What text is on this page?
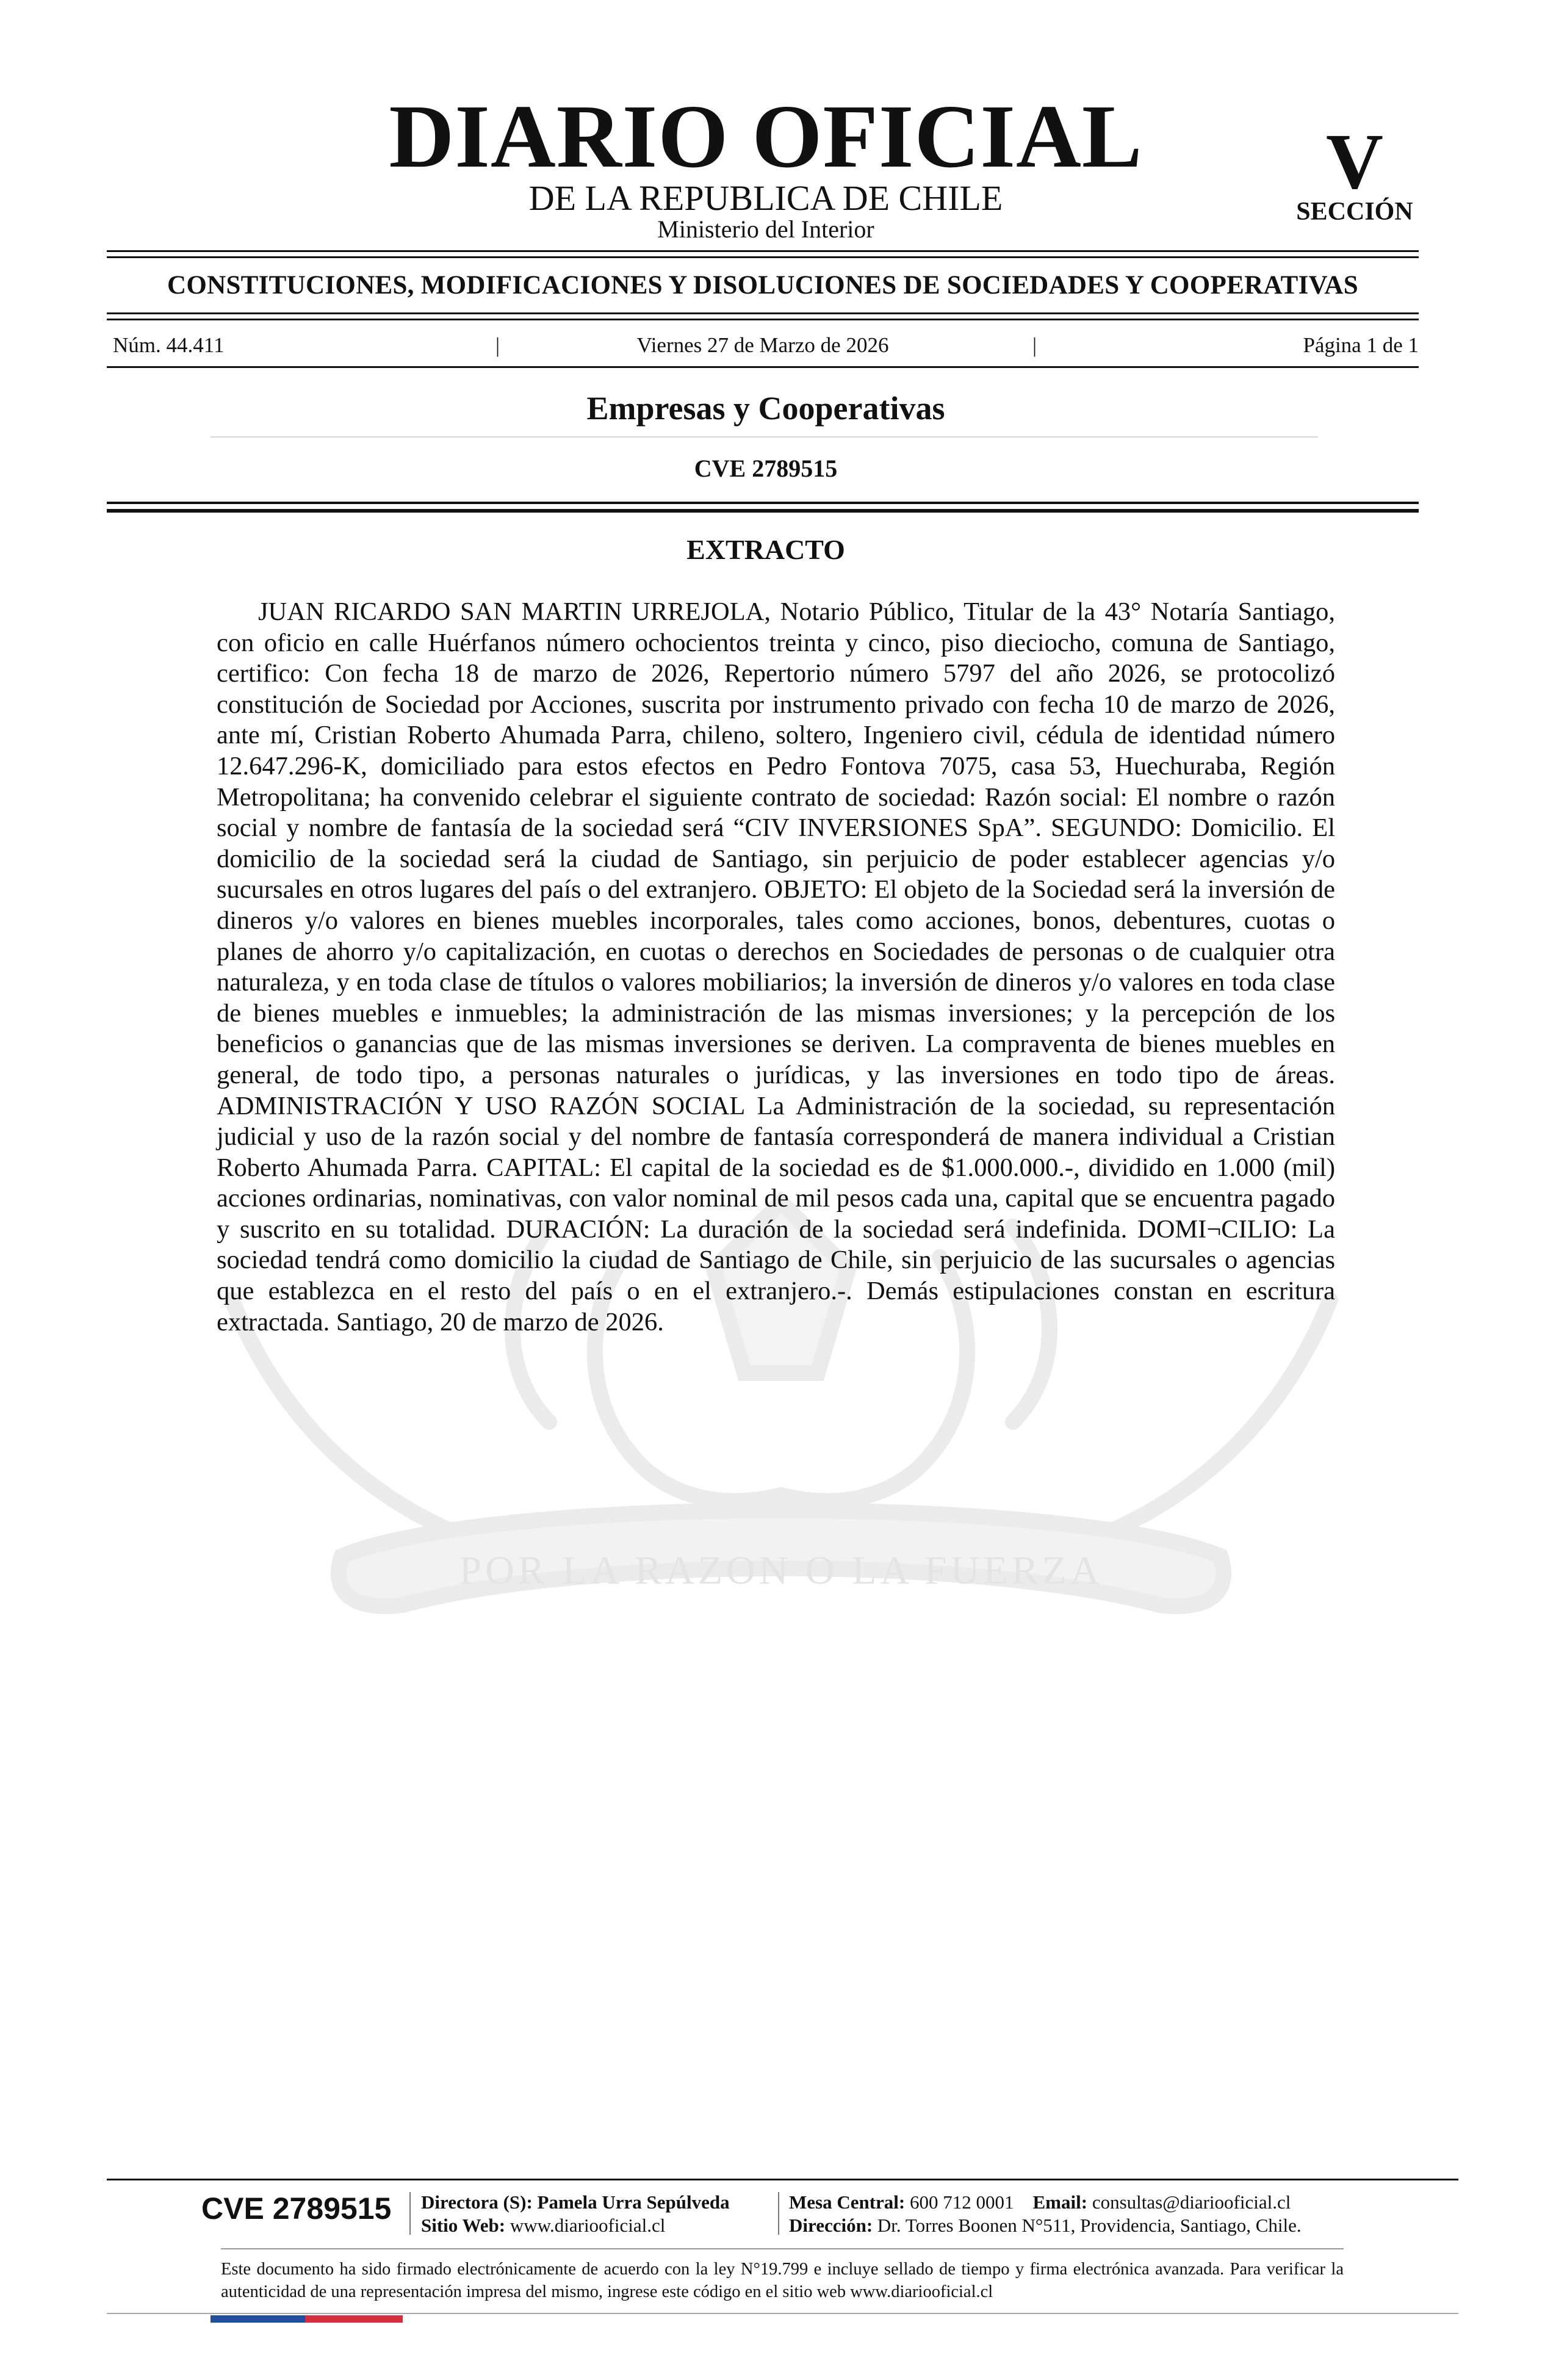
POR LA RAZON O LA FUERZA
DIARIO OFICIAL
DE LA REPUBLICA DE CHILE
Ministerio del Interior
V
SECCIÓN
CONSTITUCIONES, MODIFICACIONES Y DISOLUCIONES DE SOCIEDADES Y COOPERATIVAS
Núm. 44.411	|	Viernes 27 de Marzo de 2026	|	Página 1 de 1
Empresas y Cooperativas
CVE 2789515
EXTRACTO
JUAN RICARDO SAN MARTIN URREJOLA, Notario Público, Titular de la 43° Notaría Santiago, con oficio en calle Huérfanos número ochocientos treinta y cinco, piso dieciocho, comuna de Santiago, certifico: Con fecha 18 de marzo de 2026, Repertorio número 5797 del año 2026, se protocolizó constitución de Sociedad por Acciones, suscrita por instrumento privado con fecha 10 de marzo de 2026, ante mí, Cristian Roberto Ahumada Parra, chileno, soltero, Ingeniero civil, cédula de identidad número 12.647.296-K, domiciliado para estos efectos en Pedro Fontova 7075, casa 53, Huechuraba, Región Metropolitana; ha convenido celebrar el siguiente contrato de sociedad: Razón social: El nombre o razón social y nombre de fantasía de la sociedad será “CIV INVERSIONES SpA”. SEGUNDO: Domicilio. El domicilio de la sociedad será la ciudad de Santiago, sin perjuicio de poder establecer agencias y/o sucursales en otros lugares del país o del extranjero. OBJETO: El objeto de la Sociedad será la inversión de dineros y/o valores en bienes muebles incorporales, tales como acciones, bonos, debentures, cuotas o planes de ahorro y/o capitalización, en cuotas o derechos en Sociedades de personas o de cualquier otra naturaleza, y en toda clase de títulos o valores mobiliarios; la inversión de dineros y/o valores en toda clase de bienes muebles e inmuebles; la administración de las mismas inversiones; y la percepción de los beneficios o ganancias que de las mismas inversiones se deriven. La compraventa de bienes muebles en general, de todo tipo, a personas naturales o jurídicas, y las inversiones en todo tipo de áreas. ADMINISTRACIÓN Y USO RAZÓN SOCIAL La Administración de la sociedad, su representación judicial y uso de la razón social y del nombre de fantasía corresponderá de manera individual a Cristian Roberto Ahumada Parra. CAPITAL: El capital de la sociedad es de $1.000.000.-, dividido en 1.000 (mil) acciones ordinarias, nominativas, con valor nominal de mil pesos cada una, capital que se encuentra pagado y suscrito en su totalidad. DURACIÓN: La duración de la sociedad será indefinida. DOMI¬CILIO: La sociedad tendrá como domicilio la ciudad de Santiago de Chile, sin perjuicio de las sucursales o agencias que establezca en el resto del país o en el extranjero.-. Demás estipulaciones constan en escritura extractada. Santiago, 20 de marzo de 2026.
CVE 2789515 Directora (S): Pamela Urra Sepúlveda
Sitio Web: www.diariooficial.cl
Mesa Central: 600 712 0001 Email: consultas@diariooficial.cl
Dirección: Dr. Torres Boonen N°511, Providencia, Santiago, Chile.
Este documento ha sido firmado electrónicamente de acuerdo con la ley N°19.799 e incluye sellado de tiempo y firma electrónica avanzada. Para verificar la autenticidad de una representación impresa del mismo, ingrese este código en el sitio web www.diariooficial.cl
